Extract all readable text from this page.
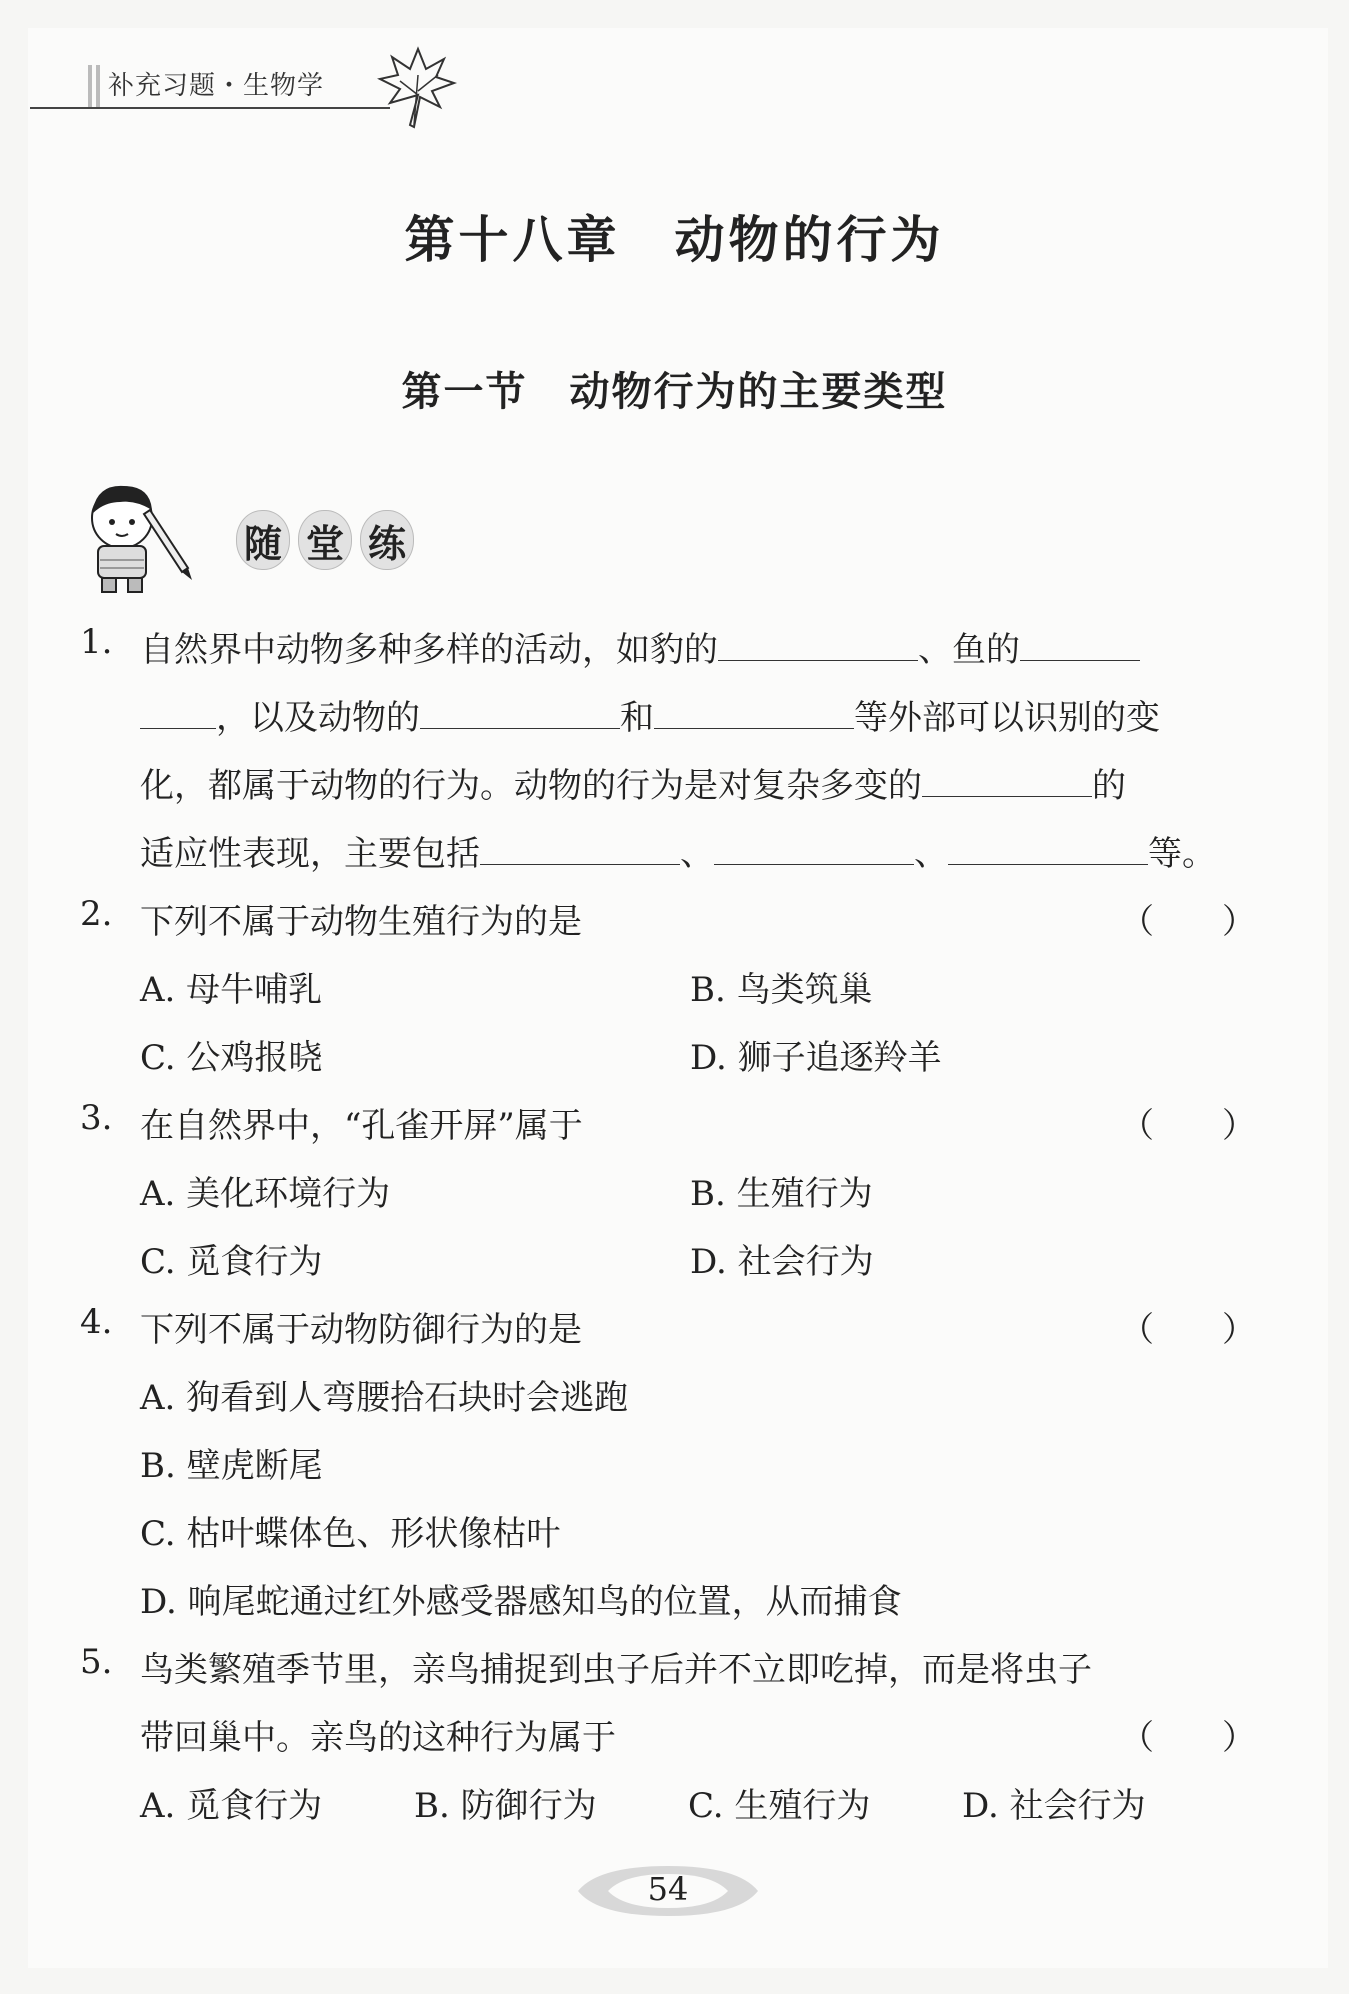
补充习题・生物学
第十八章　动物的行为
第一节　动物行为的主要类型
随 堂 练
1. 自然界中动物多种多样的活动，如豹的	、鱼的
，以及动物的	和	等外部可以识别的变
化，都属于动物的行为。动物的行为是对复杂多变的	的
适应性表现，主要包括	、	、	等。
2. 下列不属于动物生殖行为的是	（　　）
A. 母牛哺乳	B. 鸟类筑巢
C. 公鸡报晓	D. 狮子追逐羚羊
3. 在自然界中，“孔雀开屏”属于	（　　）
A. 美化环境行为	B. 生殖行为
C. 觅食行为	D. 社会行为
4. 下列不属于动物防御行为的是	（　　）
A. 狗看到人弯腰拾石块时会逃跑
B. 壁虎断尾
C. 枯叶蝶体色、形状像枯叶
D. 响尾蛇通过红外感受器感知鸟的位置，从而捕食
5. 鸟类繁殖季节里，亲鸟捕捉到虫子后并不立即吃掉，而是将虫子
带回巢中。亲鸟的这种行为属于	（　　）
A. 觅食行为	B. 防御行为	C. 生殖行为	D. 社会行为
54
